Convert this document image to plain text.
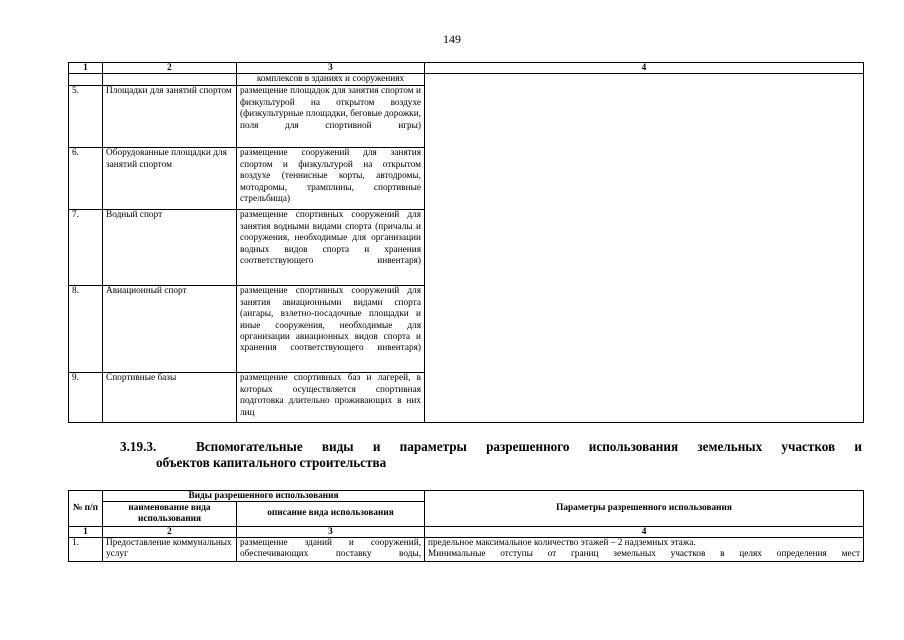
149
1	2	3	4
		комплексов в зданиях и сооружениях	
5.	Площадки для занятий спортом	размещение площадок для занятия спортом и физкультурой на открытом воздухе (физкультурные площадки, беговые дорожки, поля для спортивной игры)	

6.	Оборудованные площадки для занятий спортом	размещение сооружений для занятия спортом и физкультурой на открытом воздухе (теннисные корты, автодромы, мотодромы, трамплины, спортивные стрельбища)	

7.	Водный спорт	размещение спортивных сооружений для занятия водными видами спорта (причалы и сооружения, необходимые для организации водных видов спорта и хранения соответствующего инвентаря)	

8.	Авиационный спорт	размещение спортивных сооружений для занятия авиационными видами спорта (ангары, взлетно-посадочные площадки и иные сооружения, необходимые для организации авиационных видов спорта и хранения соответствующего инвентаря)	

9.	Спортивные базы	размещение спортивных баз и лагерей, в которых осуществляется спортивная подготовка длительно проживающих в них лиц	
3.19.3.	Вспомогательные виды и параметры разрешенного использования земельных участков и
объектов капитального строительства
№ п/п	Виды разрешенного использования		Параметры разрешенного использования
	наименование вида использования	описание вида использования	
1	2	3	4
1.	Предоставление коммунальных услуг	размещение зданий и сооружений, обеспечивающих поставку воды,	предельное максимальное количество этажей – 2 надземных этажа.
Минимальные отступы от границ земельных участков в целях определения мест
